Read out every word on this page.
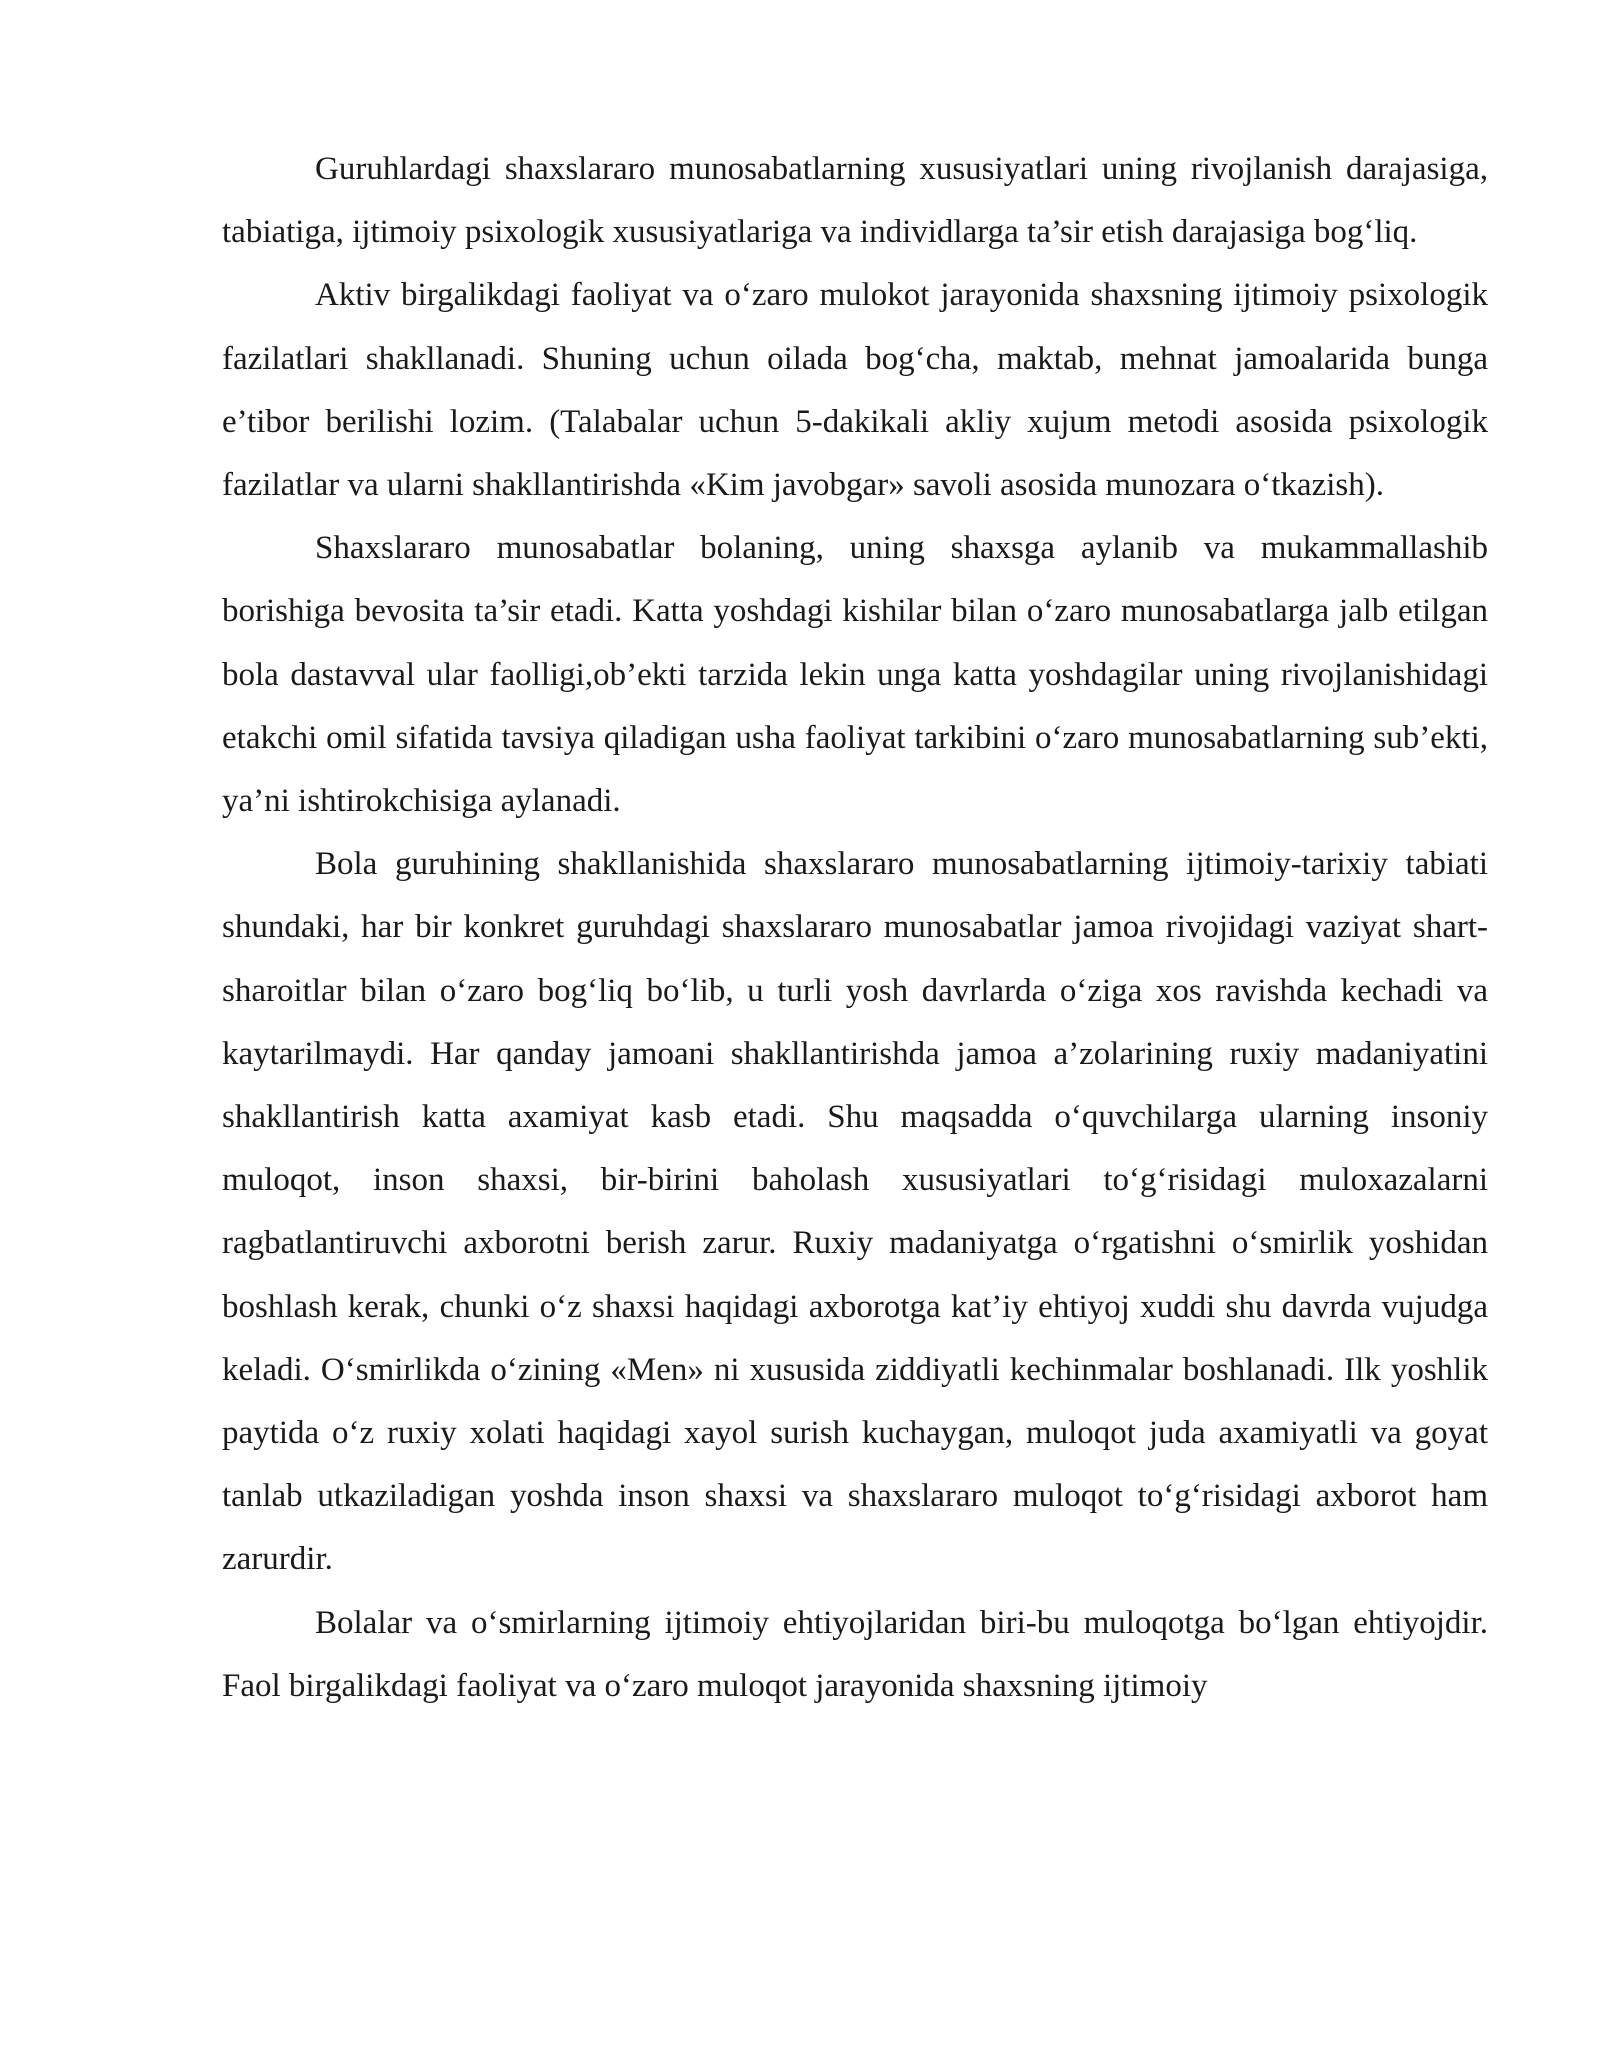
Guruhlardagi shaxslararo munosabatlarning xususiyatlari uning rivojlanish darajasiga, tabiatiga, ijtimoiy psixologik xususiyatlariga va individlarga ta’sir etish darajasiga bog‘liq.

Aktiv birgalikdagi faoliyat va o‘zaro mulokot jarayonida shaxsning ijtimoiy psixologik fazilatlari shakllanadi. Shuning uchun oilada bog‘cha, maktab, mehnat jamoalarida bunga e’tibor berilishi lozim. (Talabalar uchun 5-dakikali akliy xujum metodi asosida psixologik fazilatlar va ularni shakllantirishda «Kim javobgar» savoli asosida munozara o‘tkazish).

Shaxslararo munosabatlar bolaning, uning shaxsga aylanib va mukammallashib borishiga bevosita ta’sir etadi. Katta yoshdagi kishilar bilan o‘zaro munosabatlarga jalb etilgan bola dastavval ular faolligi,ob’ekti tarzida lekin unga katta yoshdagilar uning rivojlanishidagi etakchi omil sifatida tavsiya qiladigan usha faoliyat tarkibini o‘zaro munosabatlarning sub’ekti, ya’ni ishtirokchisiga aylanadi.

Bola guruhining shakllanishida shaxslararo munosabatlarning ijtimoiy-tarixiy tabiati shundaki, har bir konkret guruhdagi shaxslararo munosabatlar jamoa rivojidagi vaziyat shart-sharoitlar bilan o‘zaro bog‘liq bo‘lib, u turli yosh davrlarda o‘ziga xos ravishda kechadi va kaytarilmaydi. Har qanday jamoani shakllantirishda jamoa a’zolarining ruxiy madaniyatini shakllantirish katta axamiyat kasb etadi. Shu maqsadda o‘quvchilarga ularning insoniy muloqot, inson shaxsi, bir-birini baholash xususiyatlari to‘g‘risidagi muloxazalarni ragbatlantiruvchi axborotni berish zarur. Ruxiy madaniyatga o‘rgatishni o‘smirlik yoshidan boshlash kerak, chunki o‘z shaxsi haqidagi axborotga kat’iy ehtiyoj xuddi shu davrda vujudga keladi. O‘smirlikda o‘zining «Men» ni xususida ziddiyatli kechinmalar boshlanadi. Ilk yoshlik paytida o‘z ruxiy xolati haqidagi xayol surish kuchaygan, muloqot juda axamiyatli va goyat tanlab utkaziladigan yoshda inson shaxsi va shaxslararo muloqot to‘g‘risidagi axborot ham zarurdir.

Bolalar va o‘smirlarning ijtimoiy ehtiyojlaridan biri-bu muloqotga bo‘lgan ehtiyojdir. Faol birgalikdagi faoliyat va o‘zaro muloqot jarayonida shaxsning ijtimoiy
